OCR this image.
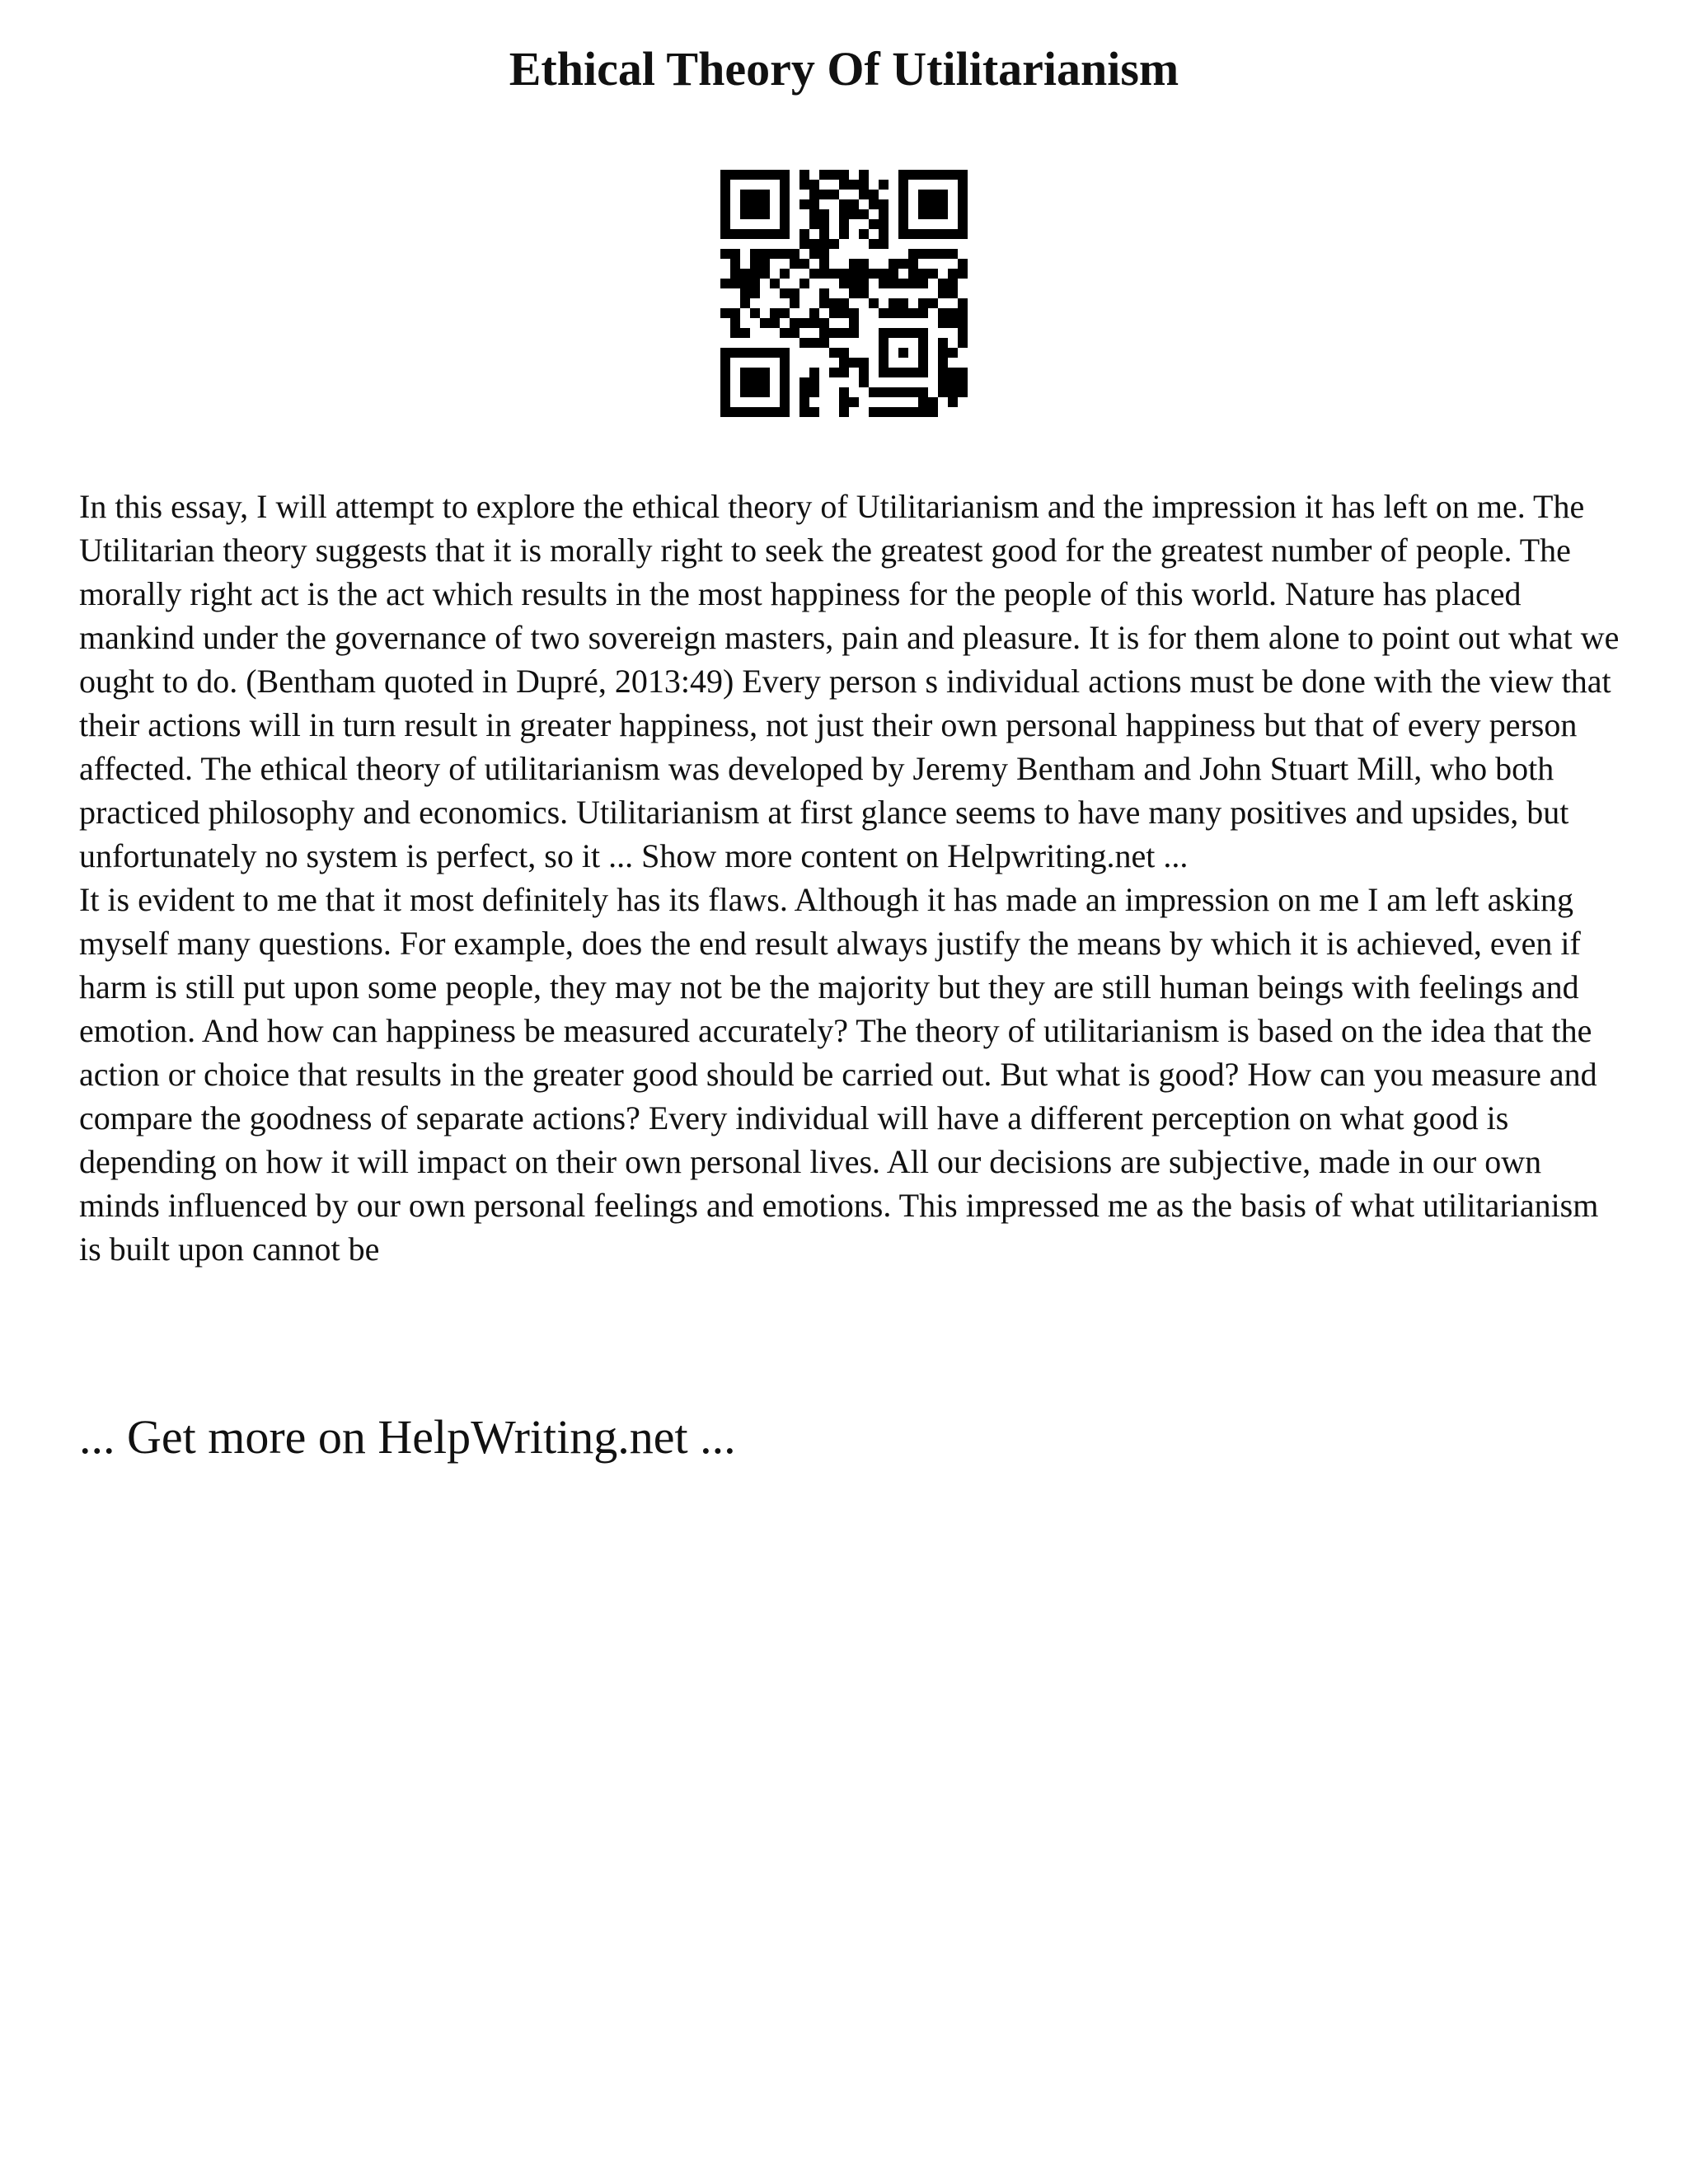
Ethical Theory Of Utilitarianism

In this essay, I will attempt to explore the ethical theory of Utilitarianism and the impression it has left on me. The Utilitarian theory suggests that it is morally right to seek the greatest good for the greatest number of people. The morally right act is the act which results in the most happiness for the people of this world. Nature has placed mankind under the governance of two sovereign masters, pain and pleasure. It is for them alone to point out what we ought to do. (Bentham quoted in Dupré, 2013:49) Every person s individual actions must be done with the view that their actions will in turn result in greater happiness, not just their own personal happiness but that of every person affected. The ethical theory of utilitarianism was developed by Jeremy Bentham and John Stuart Mill, who both practiced philosophy and economics. Utilitarianism at first glance seems to have many positives and upsides, but unfortunately no system is perfect, so it ... Show more content on Helpwriting.net ...

It is evident to me that it most definitely has its flaws. Although it has made an impression on me I am left asking myself many questions. For example, does the end result always justify the means by which it is achieved, even if harm is still put upon some people, they may not be the majority but they are still human beings with feelings and emotion. And how can happiness be measured accurately? The theory of utilitarianism is based on the idea that the action or choice that results in the greater good should be carried out. But what is good? How can you measure and compare the goodness of separate actions? Every individual will have a different perception on what good is depending on how it will impact on their own personal lives. All our decisions are subjective, made in our own minds influenced by our own personal feelings and emotions. This impressed me as the basis of what utilitarianism is built upon cannot be

... Get more on HelpWriting.net ...
